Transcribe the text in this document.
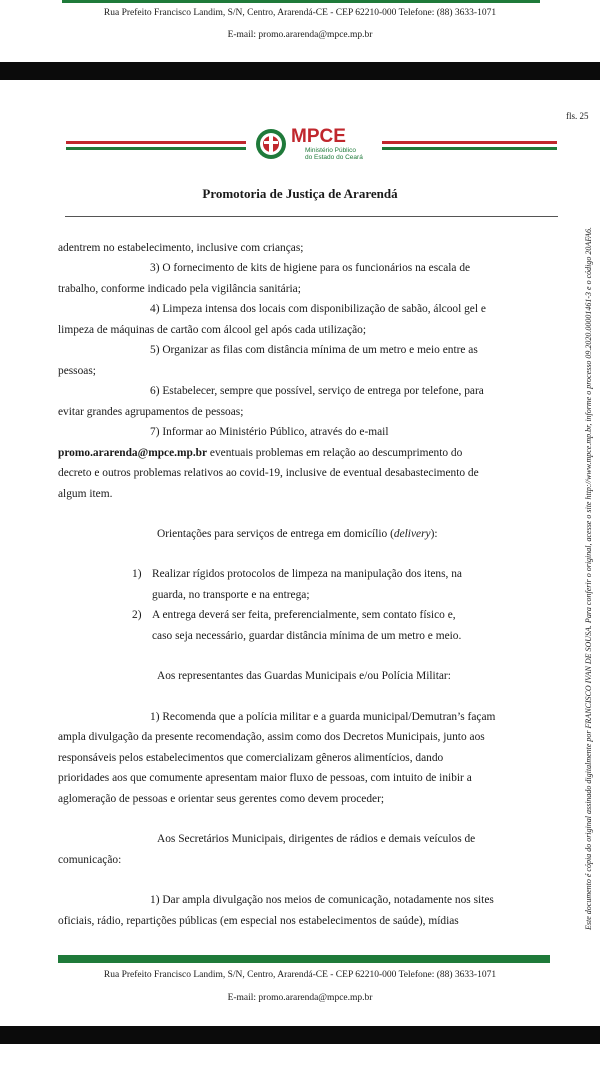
Rua Prefeito Francisco Landim, S/N, Centro, Ararendá-CE - CEP 62210-000 Telefone: (88) 3633-1071
E-mail: promo.ararenda@mpce.mp.br
fls. 25
MPCE
Ministério Público
do Estado do Ceará
Promotoria de Justiça de Ararendá
adentrem no estabelecimento, inclusive com crianças;
3) O fornecimento de kits de higiene para os funcionários na escala de
trabalho, conforme indicado pela vigilância sanitária;
4) Limpeza intensa dos locais com disponibilização de sabão, álcool gel e
limpeza de máquinas de cartão com álcool gel após cada utilização;
5) Organizar as filas com distância mínima de um metro e meio entre as
pessoas;
6) Estabelecer, sempre que possível, serviço de entrega por telefone, para
evitar grandes agrupamentos de pessoas;
7) Informar ao Ministério Público, através do e-mail
promo.ararenda@mpce.mp.br eventuais problemas em relação ao descumprimento do
decreto e outros problemas relativos ao covid-19, inclusive de eventual desabastecimento de
algum item.
Orientações para serviços de entrega em domicílio (delivery):
1) Realizar rígidos protocolos de limpeza na manipulação dos itens, na
guarda, no transporte e na entrega;
2) A entrega deverá ser feita, preferencialmente, sem contato físico e,
caso seja necessário, guardar distância mínima de um metro e meio.
Aos representantes das Guardas Municipais e/ou Polícia Militar:
1) Recomenda que a polícia militar e a guarda municipal/Demutran’s façam
ampla divulgação da presente recomendação, assim como dos Decretos Municipais, junto aos
responsáveis pelos estabelecimentos que comercializam gêneros alimentícios, dando
prioridades aos que comumente apresentam maior fluxo de pessoas, com intuito de inibir a
aglomeração de pessoas e orientar seus gerentes como devem proceder;
Aos Secretários Municipais, dirigentes de rádios e demais veículos de
comunicação:
1) Dar ampla divulgação nos meios de comunicação, notadamente nos sites
oficiais, rádio, repartições públicas (em especial nos estabelecimentos de saúde), mídias	Este documento é cópia do original assinado digitalmente por FRANCISCO IVAN DE SOUSA. Para conferir o original, acesse o site http://www.mpce.mp.br, informe o processo 09.2020.00001461-3 e o código 20AFA6.
Rua Prefeito Francisco Landim, S/N, Centro, Ararendá-CE - CEP 62210-000 Telefone: (88) 3633-1071
E-mail: promo.ararenda@mpce.mp.br
